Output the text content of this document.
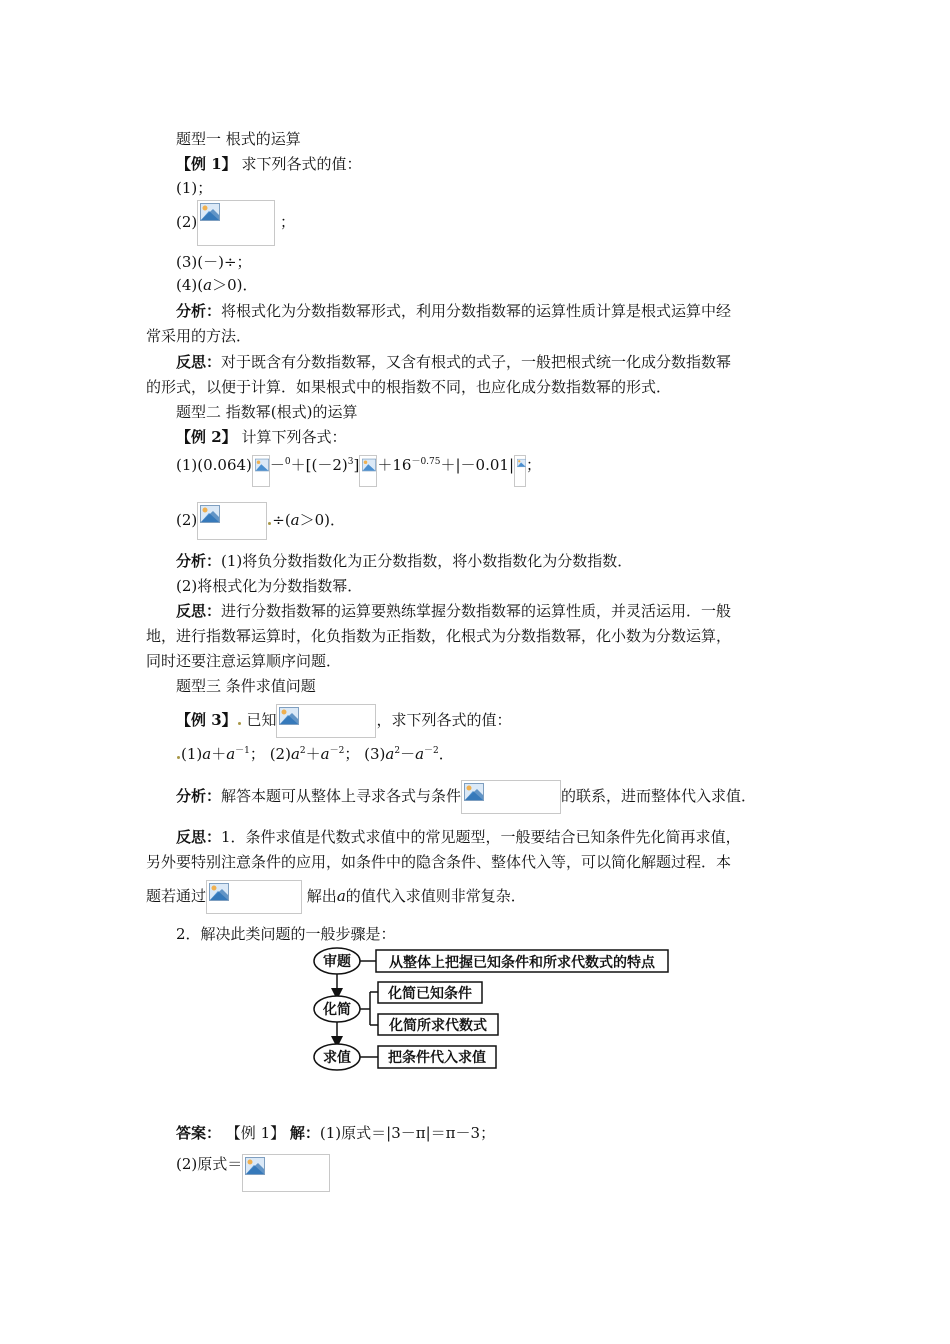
题型一 根式的运算
【例 1】 求下列各式的值：
(1)；
(2)	；
(3)(－)÷；
(4)(a＞0)．
分析：将根式化为分数指数幂形式，利用分数指数幂的运算性质计算是根式运算中经
常采用的方法．
反思：对于既含有分数指数幂，又含有根式的式子，一般把根式统一化成分数指数幂
的形式，以便于计算．如果根式中的根指数不同，也应化成分数指数幂的形式．
题型二 指数幂(根式)的运算
【例 2】 计算下列各式：
$(1)(0.064) -^0+[(-2)^3] +16^{-0.75}+|-0.01|$ ；
(2)	÷(a＞0)．
分析：(1)将负分数指数化为正分数指数，将小数指数化为分数指数．
(2)将根式化为分数指数幂．
反思：进行分数指数幂的运算要熟练掌握分数指数幂的运算性质，并灵活运用．一般
地，进行指数幂运算时，化负指数为正指数，化根式为分数指数幂，化小数为分数运算，
同时还要注意运算顺序问题．
题型三 条件求值问题
【例 3】 已知	，求下列各式的值：
$(1)a+a^{-1}$； $(2)a^2+a^{-2}$； $(3)a^2-a^{-2}$．
分析：解答本题可从整体上寻求各式与条件	的联系，进而整体代入求值．
反思：1．条件求值是代数式求值中的常见题型，一般要结合已知条件先化简再求值，
另外要特别注意条件的应用，如条件中的隐含条件、整体代入等，可以简化解题过程．本
题若通过	解出a的值代入求值则非常复杂．
2．解决此类问题的一般步骤是：
审题	从整体上把握已知条件和所求代数式的特点
化简
化简已知条件
化简所求代数式
求值	把条件代入求值
答案： 【例 1】 解：(1)原式＝|3－π|＝π－3；
(2)原式＝
